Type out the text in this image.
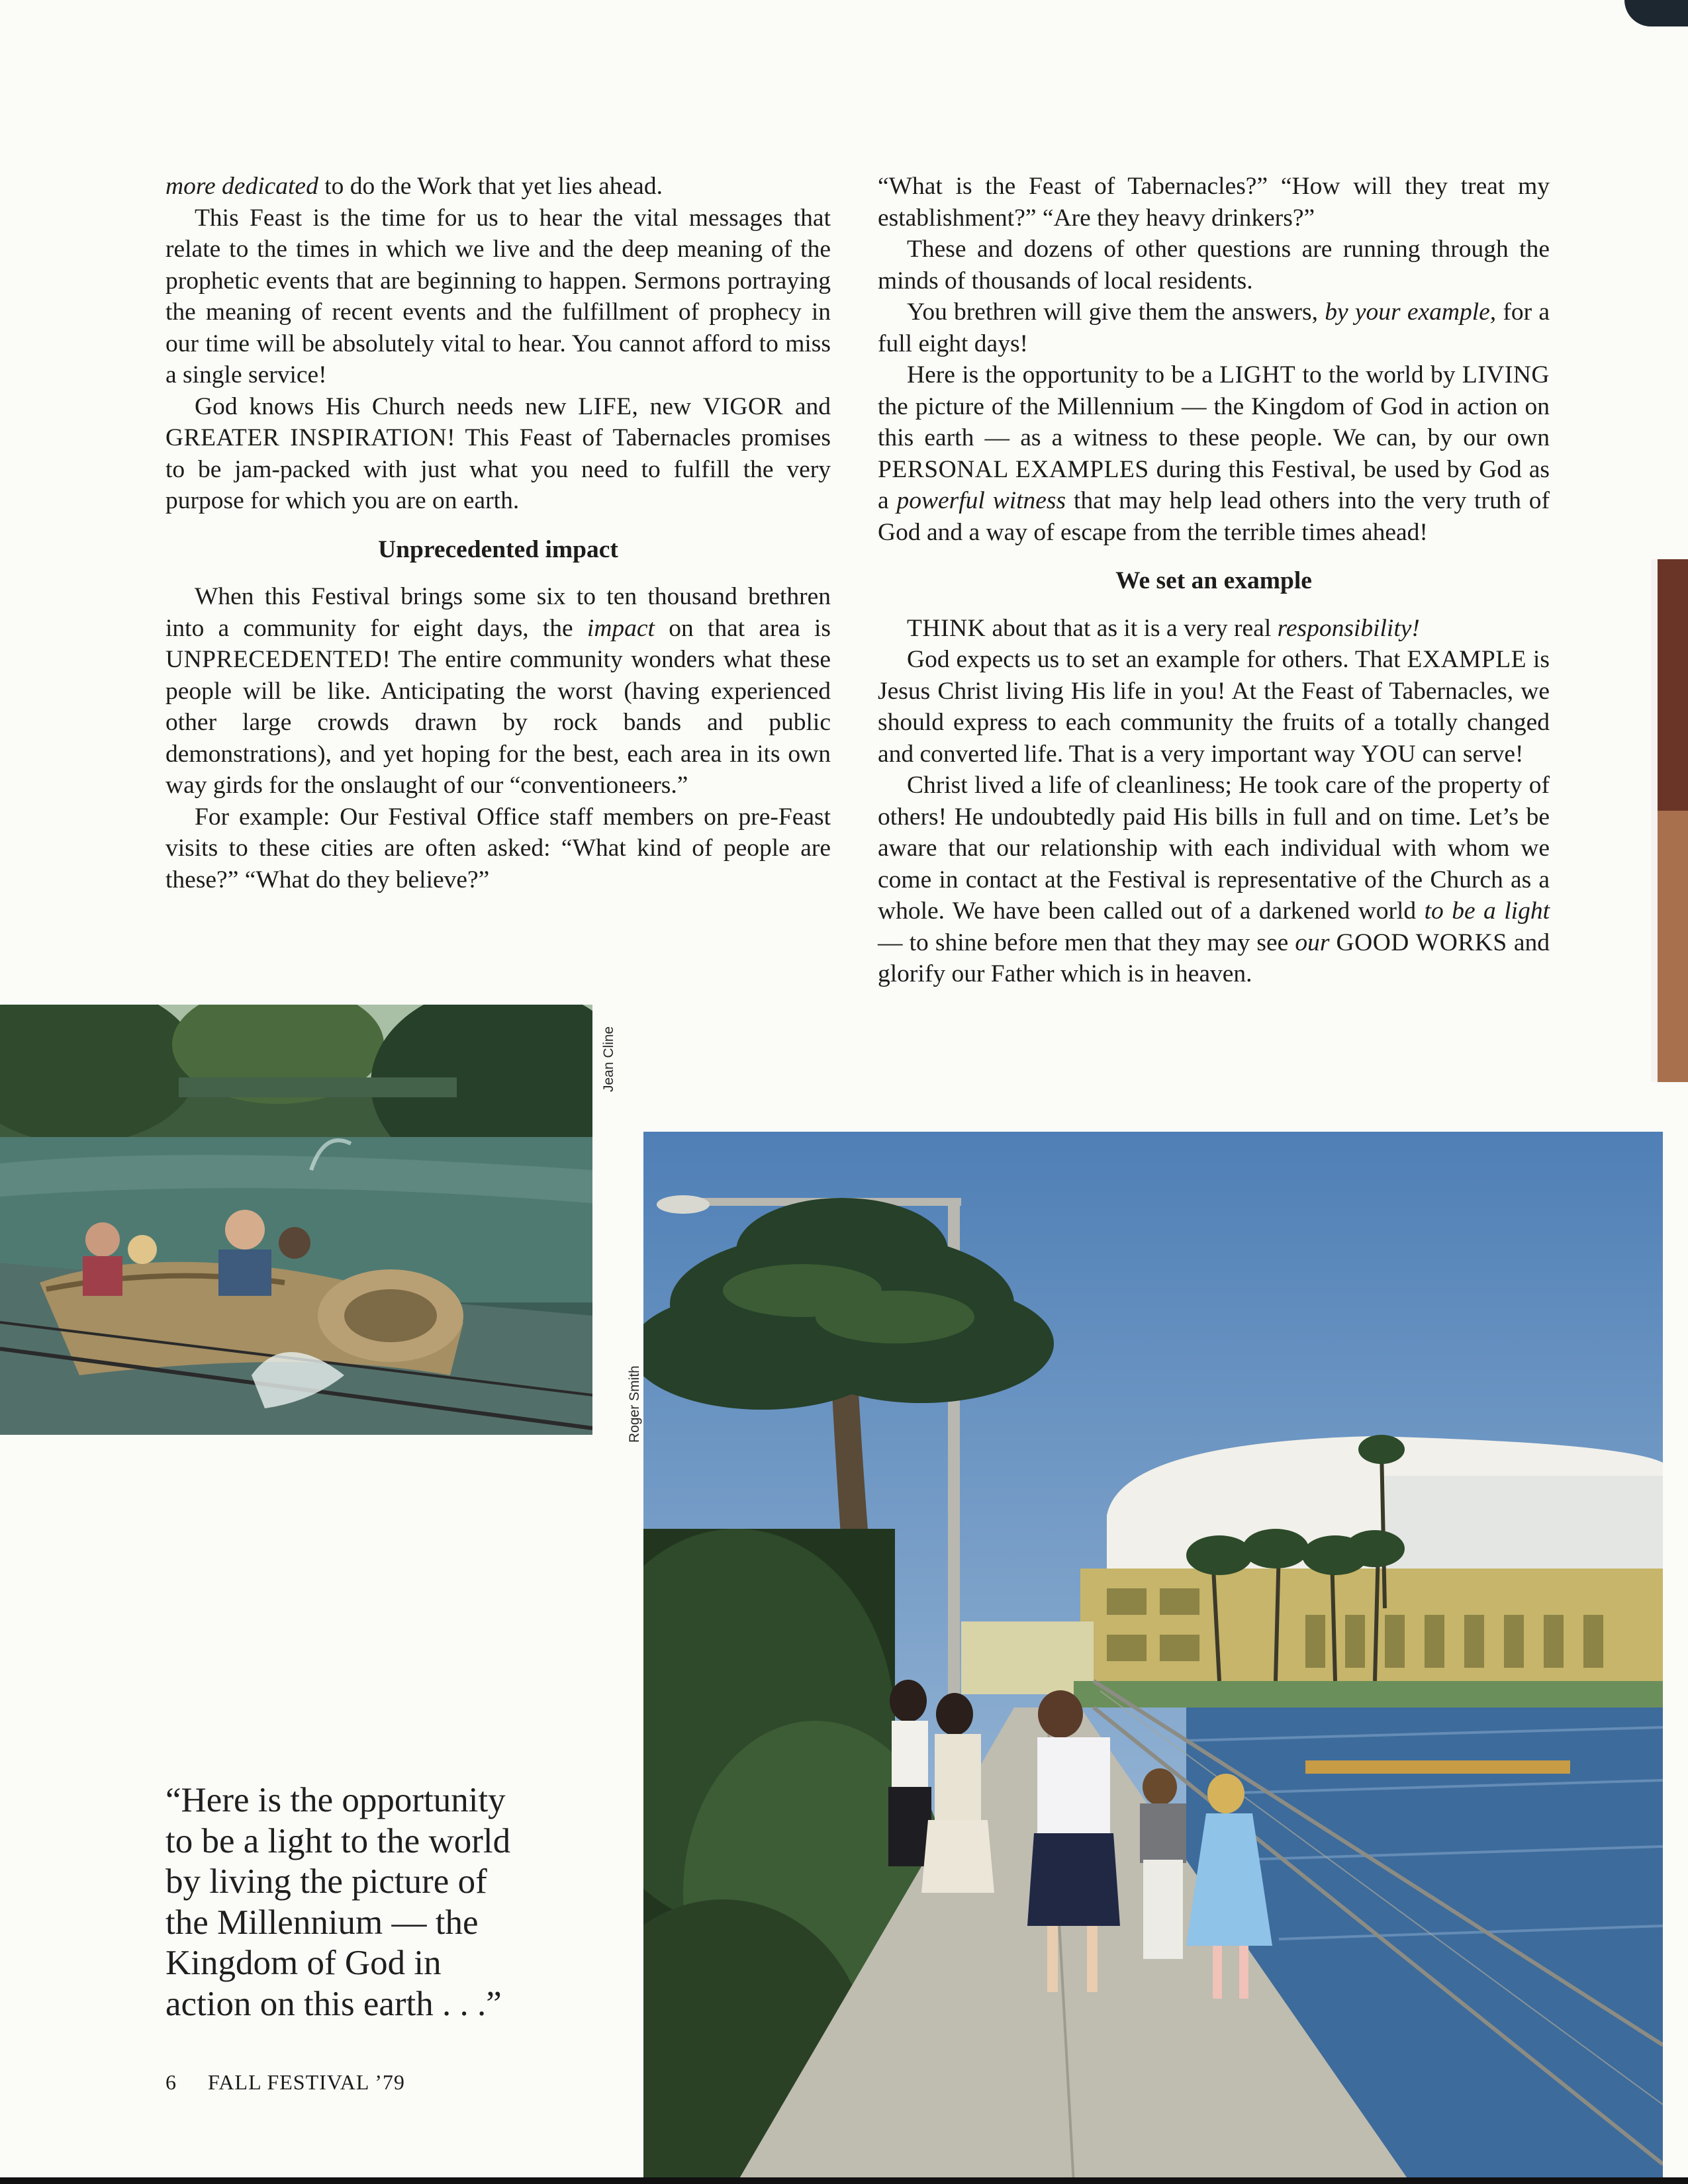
more dedicated to do the Work that yet lies ahead.

This Feast is the time for us to hear the vital messages that relate to the times in which we live and the deep meaning of the prophetic events that are beginning to happen. Sermons portraying the meaning of recent events and the fulfillment of prophecy in our time will be absolutely vital to hear. You cannot afford to miss a single service!

God knows His Church needs new LIFE, new VIGOR and GREATER INSPIRATION! This Feast of Tabernacles promises to be jam-packed with just what you need to fulfill the very purpose for which you are on earth.

Unprecedented impact

When this Festival brings some six to ten thousand brethren into a community for eight days, the impact on that area is UNPRECEDENTED! The entire community wonders what these people will be like. Anticipating the worst (having experienced other large crowds drawn by rock bands and public demonstrations), and yet hoping for the best, each area in its own way girds for the onslaught of our “conventioneers.”

For example: Our Festival Office staff members on pre-Feast visits to these cities are often asked: “What kind of people are these?” “What do they believe?”

“What is the Feast of Tabernacles?” “How will they treat my establishment?” “Are they heavy drinkers?”

These and dozens of other questions are running through the minds of thousands of local residents.

You brethren will give them the answers, by your example, for a full eight days!

Here is the opportunity to be a LIGHT to the world by LIVING the picture of the Millennium — the Kingdom of God in action on this earth — as a witness to these people. We can, by our own PERSONAL EXAMPLES during this Festival, be used by God as a powerful witness that may help lead others into the very truth of God and a way of escape from the terrible times ahead!

We set an example

THINK about that as it is a very real responsibility!

God expects us to set an example for others. That EXAMPLE is Jesus Christ living His life in you! At the Feast of Tabernacles, we should express to each community the fruits of a totally changed and converted life. That is a very important way YOU can serve!

Christ lived a life of cleanliness; He took care of the property of others! He undoubtedly paid His bills in full and on time. Let’s be aware that our relationship with each individual with whom we come in contact at the Festival is representative of the Church as a whole. We have been called out of a darkened world to be a light — to shine before men that they may see our GOOD WORKS and glorify our Father which is in heaven.

Jean Cline
Roger Smith
“Here is the opportunity
to be a light to the world
by living the picture of
the Millennium — the
Kingdom of God in
action on this earth . . .”
6 FALL FESTIVAL ’79
